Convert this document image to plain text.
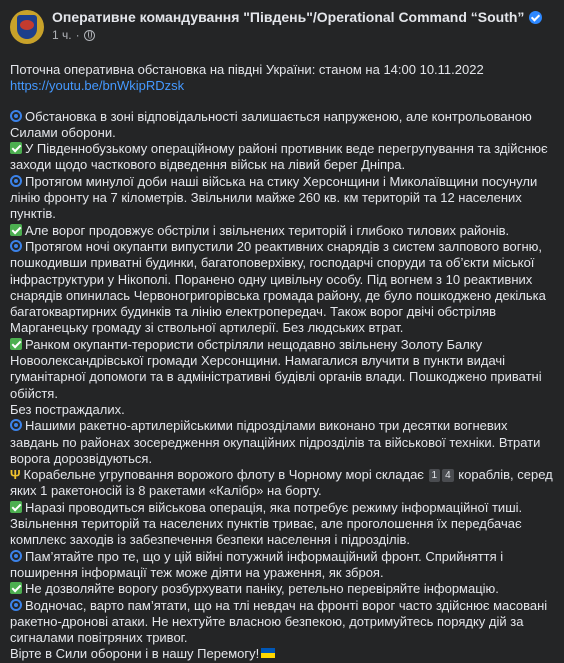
Оперативне командування "Південь"/Operational Command “South”
1 ч. ·
Поточна оперативна обстановка на півдні України: станом на 14:00 10.11.2022
https://youtu.be/bnWkipRDzsk
Обстановка в зоні відповідальності залишається напруженою, але контрольованою Силами оборони.
У Південнобузькому операційному районі противник веде перегрупування та здійснює заходи щодо часткового відведення військ на лівий берег Дніпра.
Протягом минулої доби наші війська на стику Херсонщини і Миколаївщини посунули лінію фронту на 7 кілометрів. Звільнили майже 260 кв. км територій та 12 населених пунктів.
Але ворог продовжує обстріли і звільнених територій і глибоко тилових районів.
Протягом ночі окупанти випустили 20 реактивних снарядів з систем залпового вогню, пошкодивши приватні будинки, багатоповерхівку, господарчі споруди та об’єкти міської інфраструктури у Нікополі. Поранено одну цивільну особу. Під вогнем з 10 реактивних снарядів опинилась Червоногригорівська громада району, де було пошкоджено декілька багатоквартирних будинків та лінію електропередач. Також ворог двічі обстріляв Марганецьку громаду зі ствольної артилерії. Без людських втрат.
Ранком окупанти-терористи обстріляли нещодавно звільнену Золоту Балку Новоолександрівської громади Херсонщини. Намагалися влучити в пункти видачі гуманітарної допомоги та в адміністративні будівлі органів влади. Пошкоджено приватні обійстя.
Без постраждалих.
Нашими ракетно-артилерійськими підрозділами виконано три десятки вогневих завдань по районах зосередження окупаційних підрозділів та військової техніки. Втрати ворога дорозвідуються.
Ψ Корабельне угруповання ворожого флоту в Чорному морі складає 1 4 кораблів, серед яких 1 ракетоносій із 8 ракетами «Калібр» на борту.
Наразі проводиться військова операція, яка потребує режиму інформаційної тиші. Звільнення територій та населених пунктів триває, але проголошення їх передбачає комплекс заходів із забезпечення безпеки населення і підрозділів.
Пам’ятайте про те, що у цій війні потужний інформаційний фронт. Сприйняття і поширення інформації теж може діяти на ураження, як зброя.
Не дозволяйте ворогу розбурхувати паніку, ретельно перевіряйте інформацію.
Водночас, варто пам’ятати, що на тлі невдач на фронті ворог часто здійснює масовані ракетно-дронові атаки. Не нехтуйте власною безпекою, дотримуйтесь порядку дій за сигналами повітряних тривог.
Вірте в Сили оборони і в нашу Перемогу!
